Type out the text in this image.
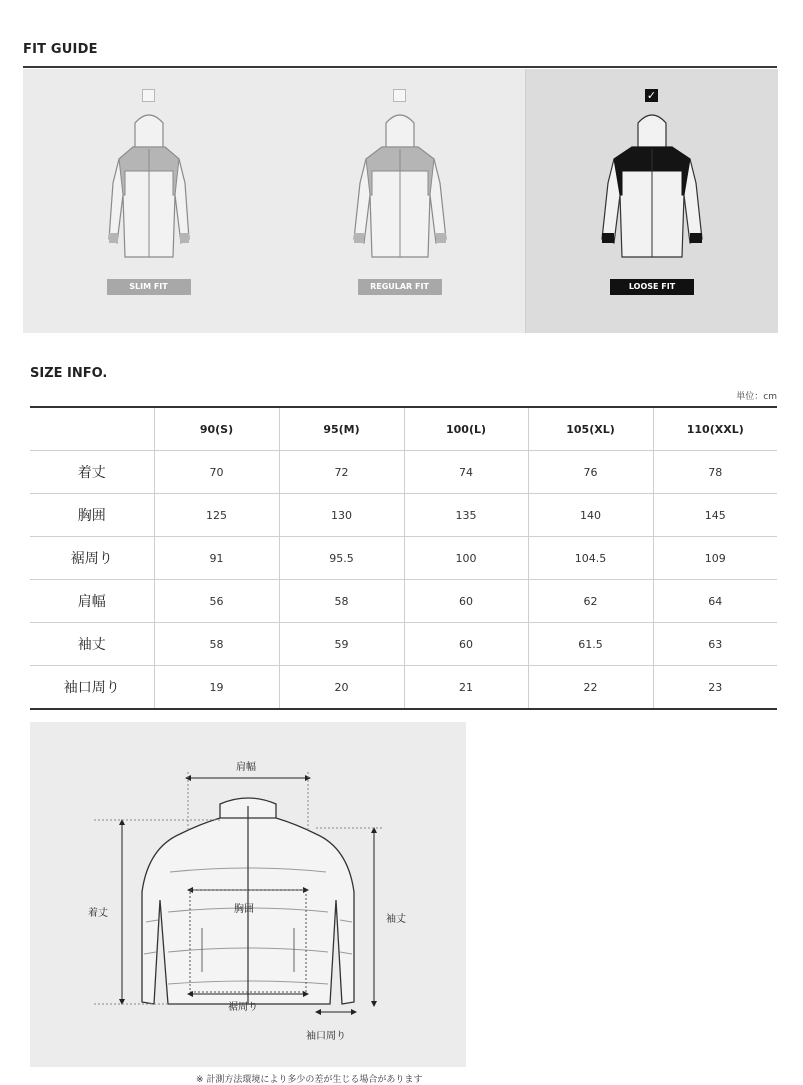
FIT GUIDE
SLIM FIT	REGULAR FIT
✓
LOOSE FIT
SIZE INFO.
単位：cm
	90(S)	95(M)	100(L)	105(XL)	110(XXL)
着丈	70	72	74	76	78
胸囲	125	130	135	140	145
裾周り	91	95.5	100	104.5	109
肩幅	56	58	60	62	64
袖丈	58	59	60	61.5	63
袖口周り	19	20	21	22	23
肩幅
着丈	胸囲
袖丈
裾周り
袖口周り
※ 計測方法環境により多少の差が生じる場合があります
